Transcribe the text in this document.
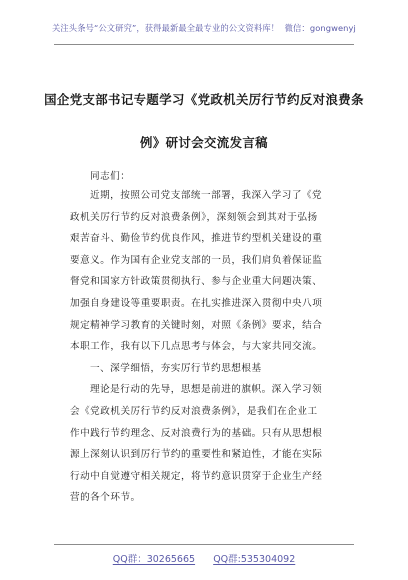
关注头条号“公文研究”，获得最新最全最专业的公文资料库！ 微信：gongwenyj
国企党支部书记专题学习《党政机关厉行节约反对浪费条
例》研讨会交流发言稿
同志们：
近期，按照公司党支部统一部署，我深入学习了《党
政机关厉行节约反对浪费条例》，深刻领会到其对于弘扬
艰苦奋斗、勤俭节约优良作风，推进节约型机关建设的重
要意义。作为国有企业党支部的一员，我们肩负着保证监
督党和国家方针政策贯彻执行、参与企业重大问题决策、
加强自身建设等重要职责。在扎实推进深入贯彻中央八项
规定精神学习教育的关键时刻，对照《条例》要求，结合
本职工作，我有以下几点思考与体会，与大家共同交流。
一、深学细悟，夯实厉行节约思想根基
理论是行动的先导，思想是前进的旗帜。深入学习领
会《党政机关厉行节约反对浪费条例》，是我们在企业工
作中践行节约理念、反对浪费行为的基础。只有从思想根
源上深刻认识到厉行节约的重要性和紧迫性，才能在实际
行动中自觉遵守相关规定，将节约意识贯穿于企业生产经
营的各个环节。
QQ群：30265665 QQ群:535304092
